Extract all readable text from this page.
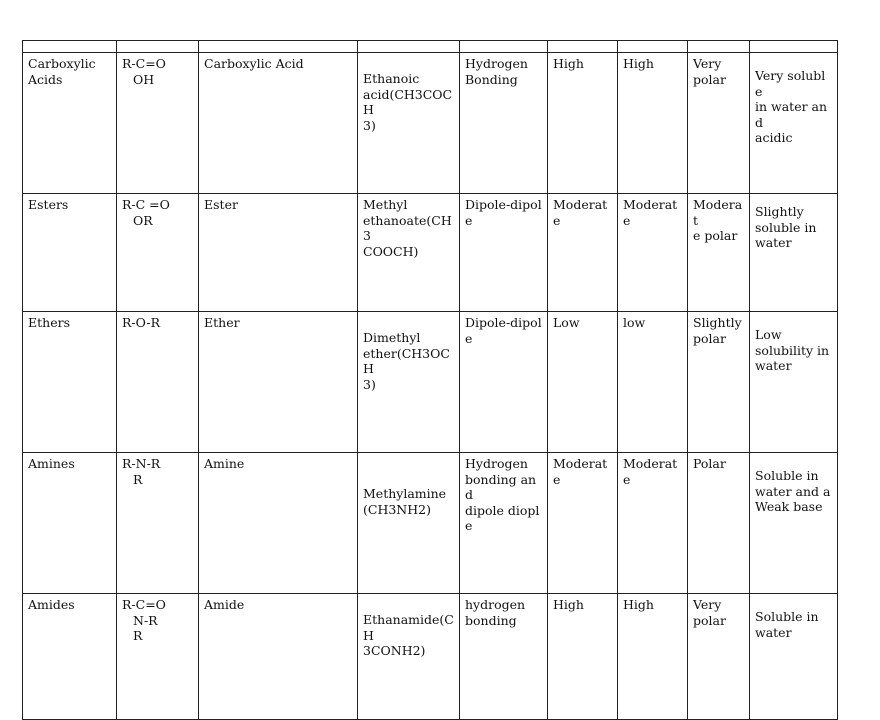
Carboxylic
Acids	R-C=O
OH	Carboxylic Acid	Ethanoic
acid(CH3COCH
3)	Hydrogen
Bonding	High	High	Very
polar	Very soluble
in water and
acidic
Esters	R-C =O
OR	Ester	Methyl
ethanoate(CH3
COOCH)	Dipole-dipol
e	Moderate	Moderate	Moderat
e polar	Slightly
soluble in
water
Ethers	R-O-R	Ether	Dimethyl
ether(CH3OCH
3)	Dipole-dipol
e	Low	low	Slightly
polar	Low
solubility in
water
Amines	R-N-R
R	Amine	Methylamine
(CH3NH2)	Hydrogen
bonding and
dipole diople	Moderate	Moderate	Polar	Soluble in
water and a
Weak base
Amides	R-C=O
N-R
R	Amide	Ethanamide(CH
3CONH2)	hydrogen
bonding	High	High	Very
polar	Soluble in
water
